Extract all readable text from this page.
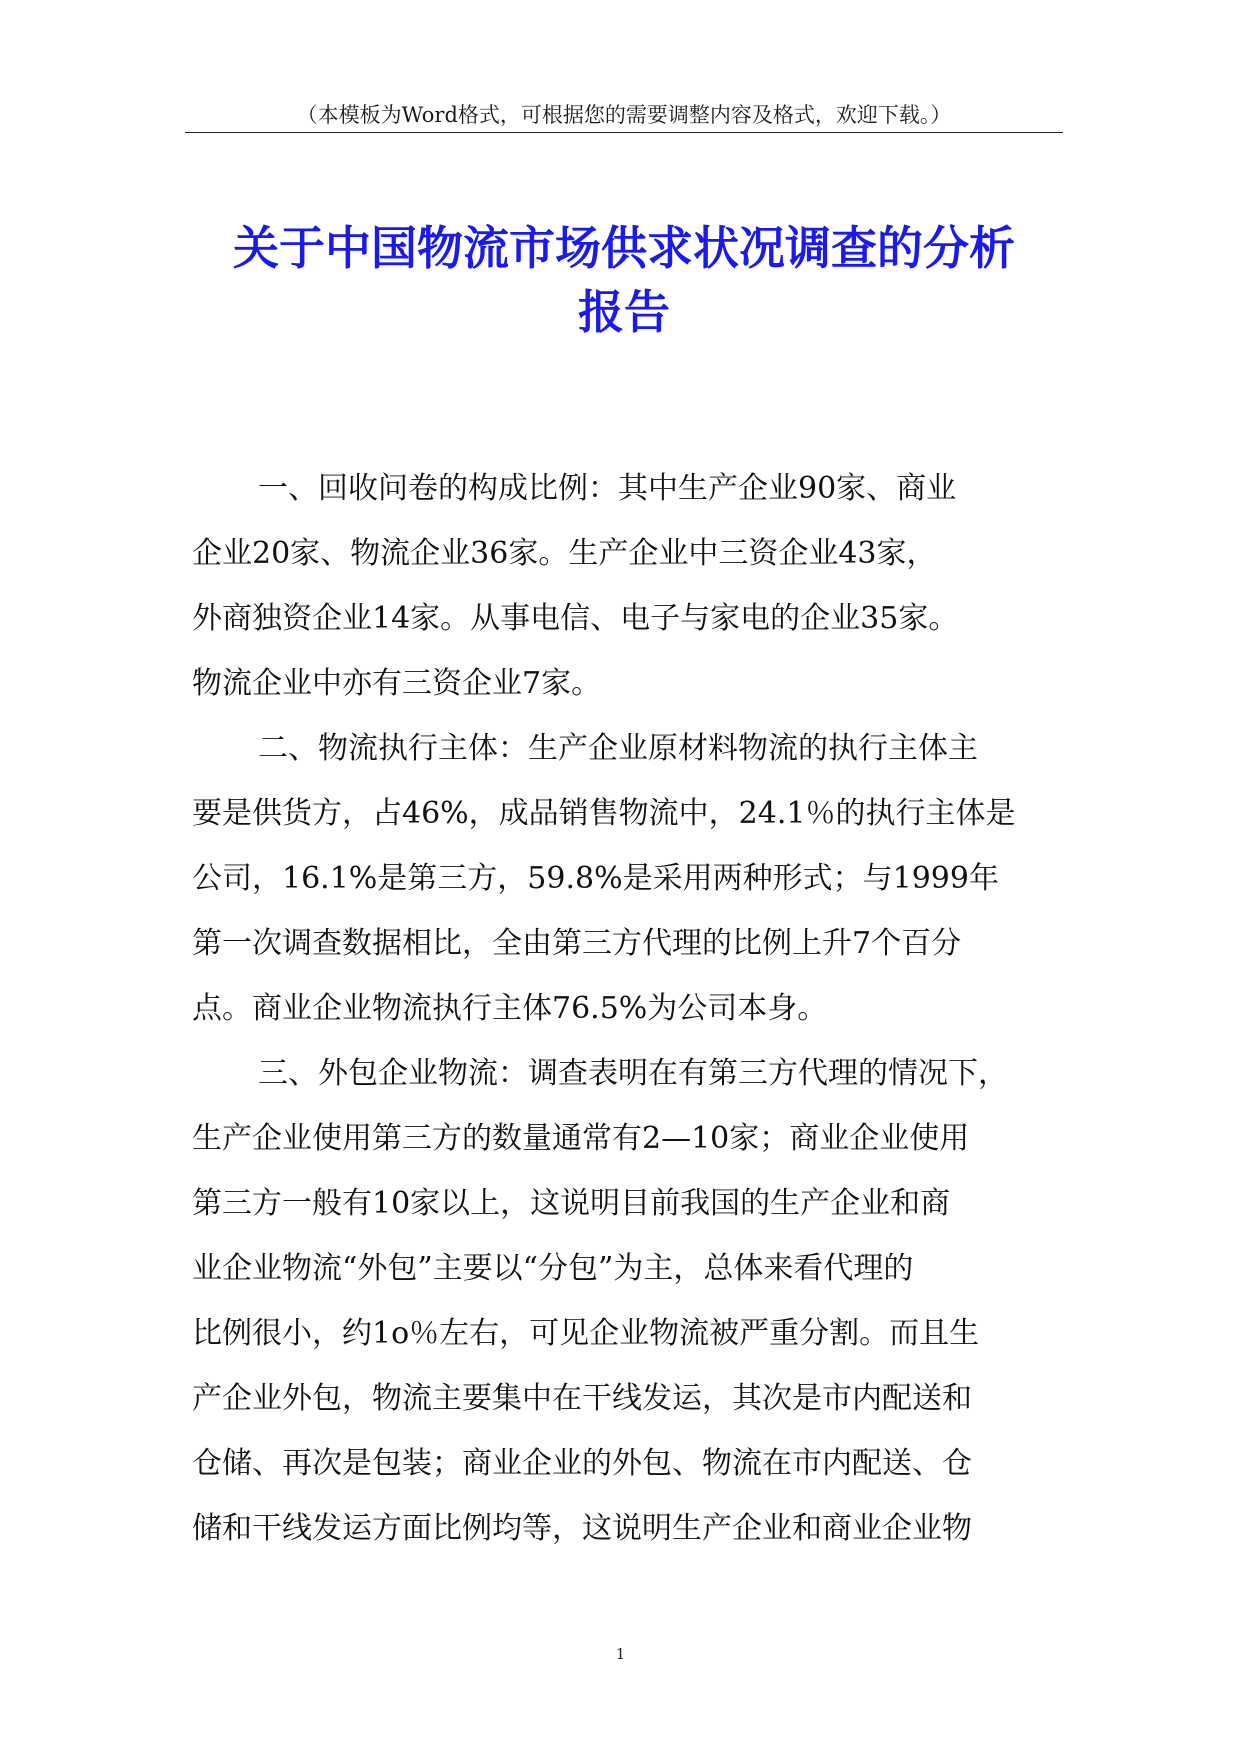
（本模板为Word格式，可根据您的需要调整内容及格式，欢迎下载。）
关于中国物流市场供求状况调查的分析
报告

一、回收问卷的构成比例：其中生产企业90家、商业
企业20家、物流企业36家。生产企业中三资企业43家，
外商独资企业14家。从事电信、电子与家电的企业35家。
物流企业中亦有三资企业7家。

二、物流执行主体：生产企业原材料物流的执行主体主
要是供货方，占46%，成品销售物流中，24.1％的执行主体是
公司，16.1%是第三方，59.8%是采用两种形式；与1999年
第一次调查数据相比，全由第三方代理的比例上升7个百分
点。商业企业物流执行主体76.5%为公司本身。

三、外包企业物流：调查表明在有第三方代理的情况下，
生产企业使用第三方的数量通常有2—10家；商业企业使用
第三方一般有10家以上，这说明目前我国的生产企业和商
业企业物流“外包”主要以“分包”为主，总体来看代理的
比例很小，约1o％左右，可见企业物流被严重分割。而且生
产企业外包，物流主要集中在干线发运，其次是市内配送和
仓储、再次是包装；商业企业的外包、物流在市内配送、仓
储和干线发运方面比例均等，这说明生产企业和商业企业物

1
